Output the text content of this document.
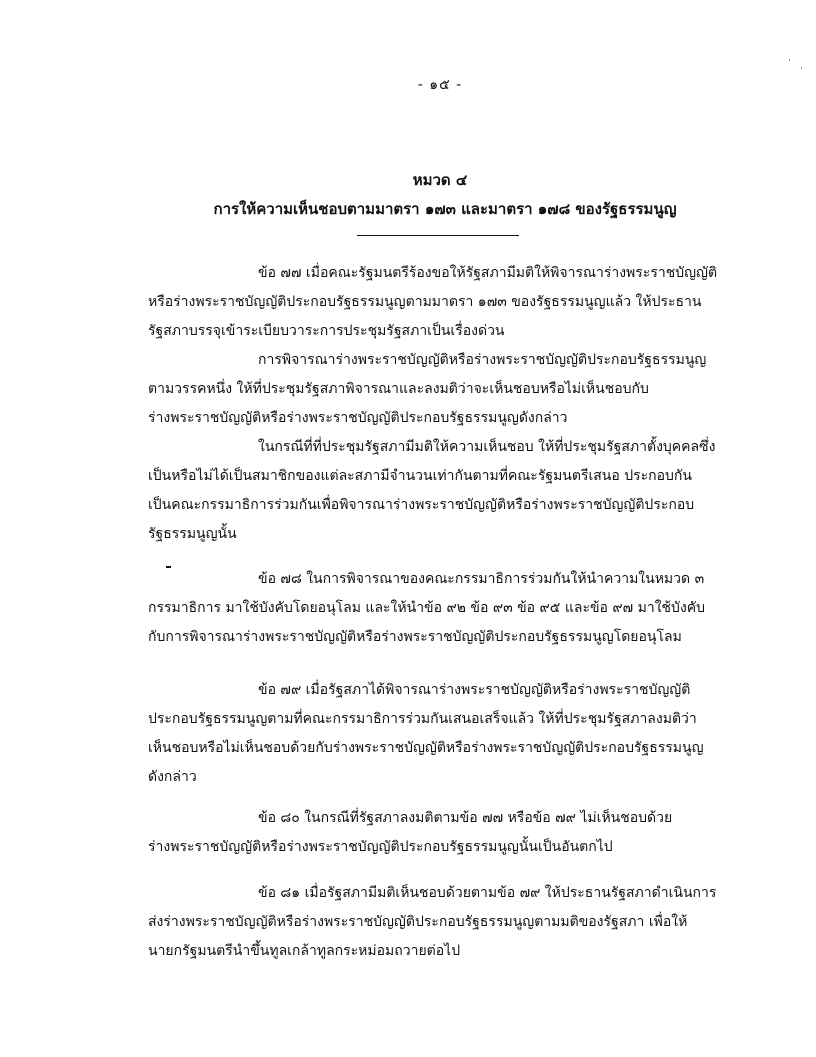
·
·
- ๑๕ -
หมวด ๔
การให้ความเห็นชอบตามมาตรา ๑๗๓ และมาตรา ๑๗๘ ของรัฐธรรมนูญ
ข้อ ๗๗ เมื่อคณะรัฐมนตรีร้องขอให้รัฐสภามีมติให้พิจารณาร่างพระราชบัญญัติ
หรือร่างพระราชบัญญัติประกอบรัฐธรรมนูญตามมาตรา ๑๗๓ ของรัฐธรรมนูญแล้ว ให้ประธาน
รัฐสภาบรรจุเข้าระเบียบวาระการประชุมรัฐสภาเป็นเรื่องด่วน
การพิจารณาร่างพระราชบัญญัติหรือร่างพระราชบัญญัติประกอบรัฐธรรมนูญ
ตามวรรคหนึ่ง ให้ที่ประชุมรัฐสภาพิจารณาและลงมติว่าจะเห็นชอบหรือไม่เห็นชอบกับ
ร่างพระราชบัญญัติหรือร่างพระราชบัญญัติประกอบรัฐธรรมนูญดังกล่าว
ในกรณีที่ที่ประชุมรัฐสภามีมติให้ความเห็นชอบ ให้ที่ประชุมรัฐสภาตั้งบุคคลซึ่ง
เป็นหรือไม่ได้เป็นสมาชิกของแต่ละสภามีจำนวนเท่ากันตามที่คณะรัฐมนตรีเสนอ ประกอบกัน
เป็นคณะกรรมาธิการร่วมกันเพื่อพิจารณาร่างพระราชบัญญัติหรือร่างพระราชบัญญัติประกอบ
รัฐธรรมนูญนั้น
ข้อ ๗๘ ในการพิจารณาของคณะกรรมาธิการร่วมกันให้นำความในหมวด ๓
กรรมาธิการ มาใช้บังคับโดยอนุโลม และให้นำข้อ ๙๒ ข้อ ๙๓ ข้อ ๙๕ และข้อ ๙๗ มาใช้บังคับ
กับการพิจารณาร่างพระราชบัญญัติหรือร่างพระราชบัญญัติประกอบรัฐธรรมนูญโดยอนุโลม
ข้อ ๗๙ เมื่อรัฐสภาได้พิจารณาร่างพระราชบัญญัติหรือร่างพระราชบัญญัติ
ประกอบรัฐธรรมนูญตามที่คณะกรรมาธิการร่วมกันเสนอเสร็จแล้ว ให้ที่ประชุมรัฐสภาลงมติว่า
เห็นชอบหรือไม่เห็นชอบด้วยกับร่างพระราชบัญญัติหรือร่างพระราชบัญญัติประกอบรัฐธรรมนูญ
ดังกล่าว
ข้อ ๘๐ ในกรณีที่รัฐสภาลงมติตามข้อ ๗๗ หรือข้อ ๗๙ ไม่เห็นชอบด้วย
ร่างพระราชบัญญัติหรือร่างพระราชบัญญัติประกอบรัฐธรรมนูญนั้นเป็นอันตกไป
ข้อ ๘๑ เมื่อรัฐสภามีมติเห็นชอบด้วยตามข้อ ๗๙ ให้ประธานรัฐสภาดำเนินการ
ส่งร่างพระราชบัญญัติหรือร่างพระราชบัญญัติประกอบรัฐธรรมนูญตามมติของรัฐสภา เพื่อให้
นายกรัฐมนตรีนำขึ้นทูลเกล้าทูลกระหม่อมถวายต่อไป
